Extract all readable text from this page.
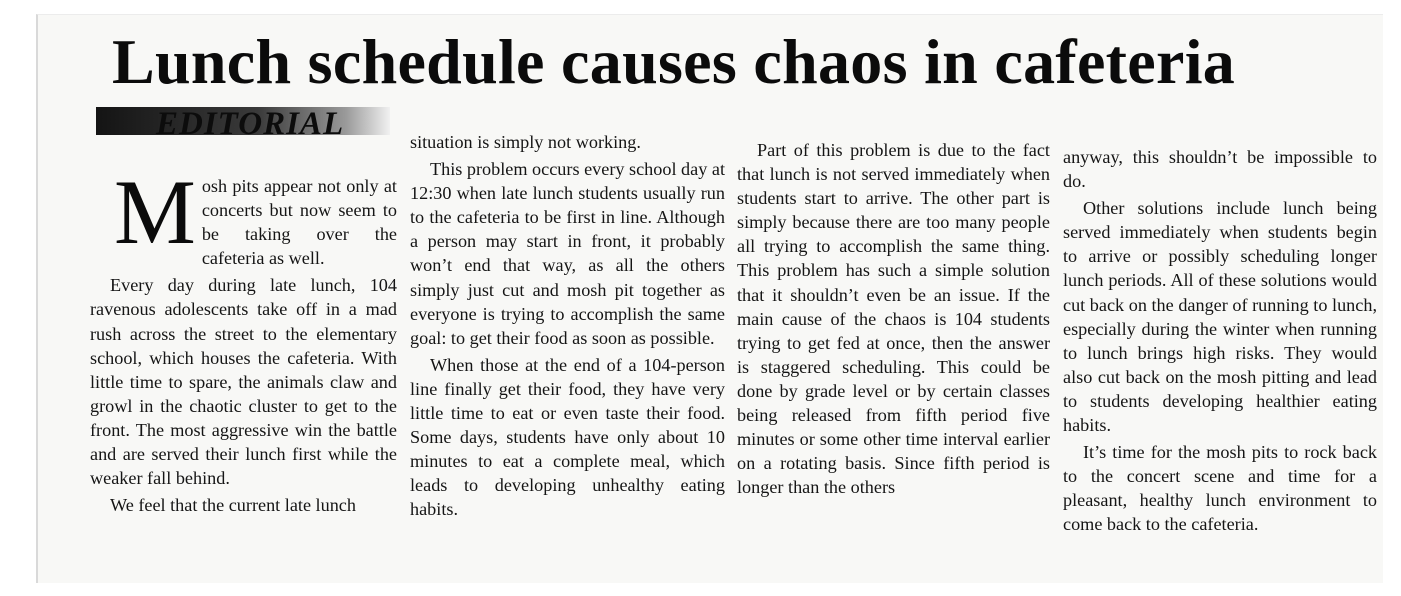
Lunch schedule causes chaos in cafeteria
EDITORIAL

Mosh pits appear not only at concerts but now seem to be taking over the cafeteria as well.

Every day during late lunch, 104 ravenous adolescents take off in a mad rush across the street to the elementary school, which houses the cafeteria. With little time to spare, the animals claw and growl in the chaotic cluster to get to the front. The most aggressive win the battle and are served their lunch first while the weaker fall behind.

We feel that the current late lunch

situation is simply not working.

This problem occurs every school day at 12:30 when late lunch students usually run to the cafeteria to be first in line. Although a person may start in front, it probably won’t end that way, as all the others simply just cut and mosh pit together as everyone is trying to accomplish the same goal: to get their food as soon as possible.

When those at the end of a 104-person line finally get their food, they have very little time to eat or even taste their food. Some days, students have only about 10 minutes to eat a complete meal, which leads to developing unhealthy eating habits.

Part of this problem is due to the fact that lunch is not served immediately when students start to arrive. The other part is simply because there are too many people all trying to accomplish the same thing. This problem has such a simple solution that it shouldn’t even be an issue. If the main cause of the chaos is 104 students trying to get fed at once, then the answer is staggered scheduling. This could be done by grade level or by certain classes being released from fifth period five minutes or some other time interval earlier on a rotating basis. Since fifth period is longer than the others

anyway, this shouldn’t be impossible to do.

Other solutions include lunch being served immediately when students begin to arrive or possibly scheduling longer lunch periods. All of these solutions would cut back on the danger of running to lunch, especially during the winter when running to lunch brings high risks. They would also cut back on the mosh pitting and lead to students developing healthier eating habits.

It’s time for the mosh pits to rock back to the concert scene and time for a pleasant, healthy lunch environment to come back to the cafeteria.
